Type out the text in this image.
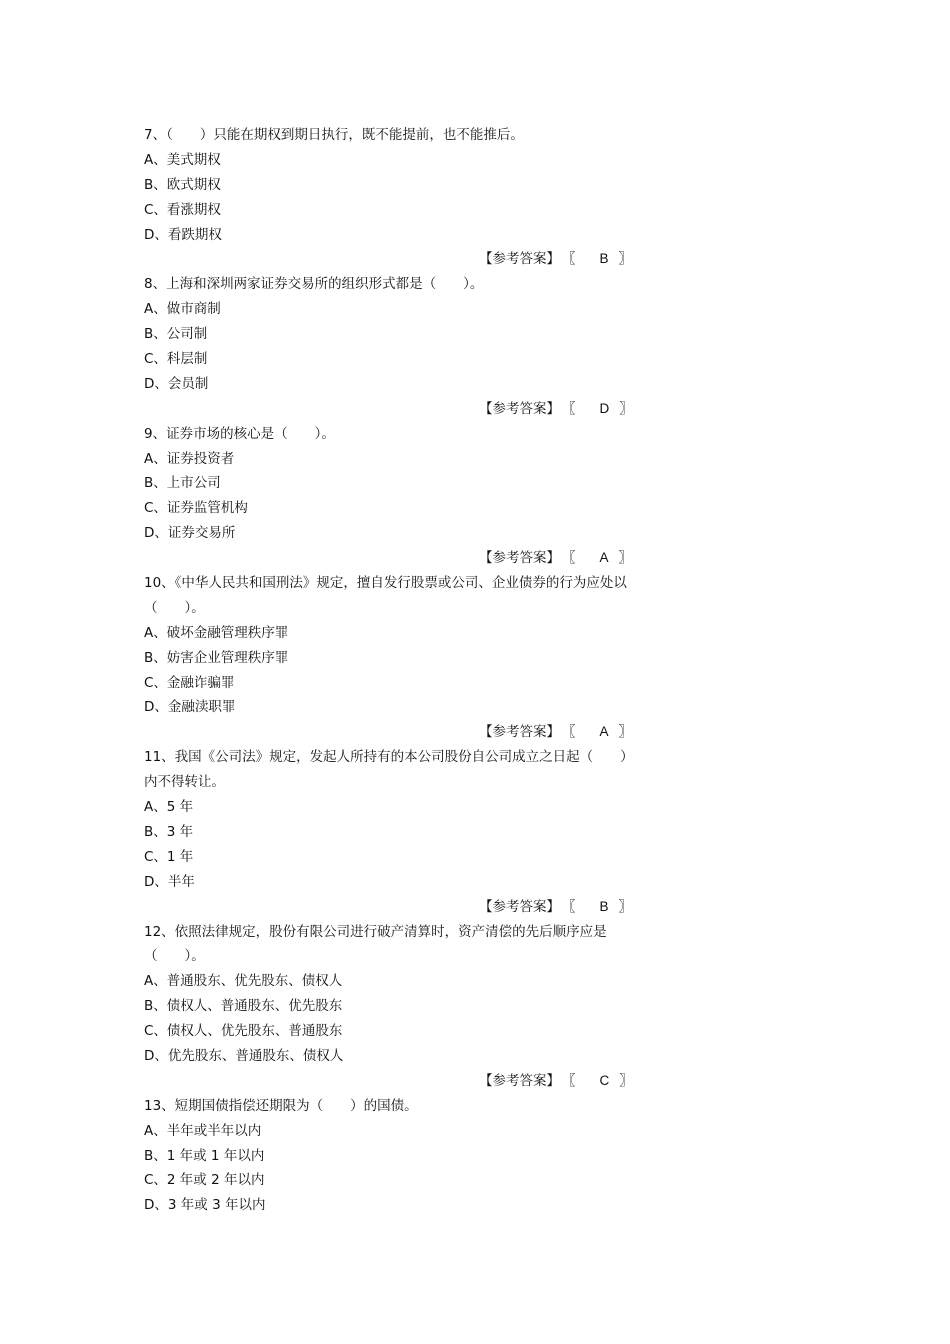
7、（　　）只能在期权到期日执行，既不能提前，也不能推后。
A、美式期权
B、欧式期权
C、看涨期权
D、看跌期权
【参考答案】 〖 B 〗
8、上海和深圳两家证券交易所的组织形式都是（　　）。
A、做市商制
B、公司制
C、科层制
D、会员制
【参考答案】 〖 D 〗
9、证券市场的核心是（　　）。
A、证券投资者
B、上市公司
C、证券监管机构
D、证券交易所
【参考答案】 〖 A 〗
10、《中华人民共和国刑法》规定，擅自发行股票或公司、企业债券的行为应处以
（　　）。
A、破坏金融管理秩序罪
B、妨害企业管理秩序罪
C、金融诈骗罪
D、金融渎职罪
【参考答案】 〖 A 〗
11、我国《公司法》规定，发起人所持有的本公司股份自公司成立之日起（　　）
内不得转让。
A、5 年
B、3 年
C、1 年
D、半年
【参考答案】 〖 B 〗
12、依照法律规定，股份有限公司进行破产清算时，资产清偿的先后顺序应是
（　　）。
A、普通股东、优先股东、债权人
B、债权人、普通股东、优先股东
C、债权人、优先股东、普通股东
D、优先股东、普通股东、债权人
【参考答案】 〖 C 〗
13、短期国债指偿还期限为（　　）的国债。
A、半年或半年以内
B、1 年或 1 年以内
C、2 年或 2 年以内
D、3 年或 3 年以内
